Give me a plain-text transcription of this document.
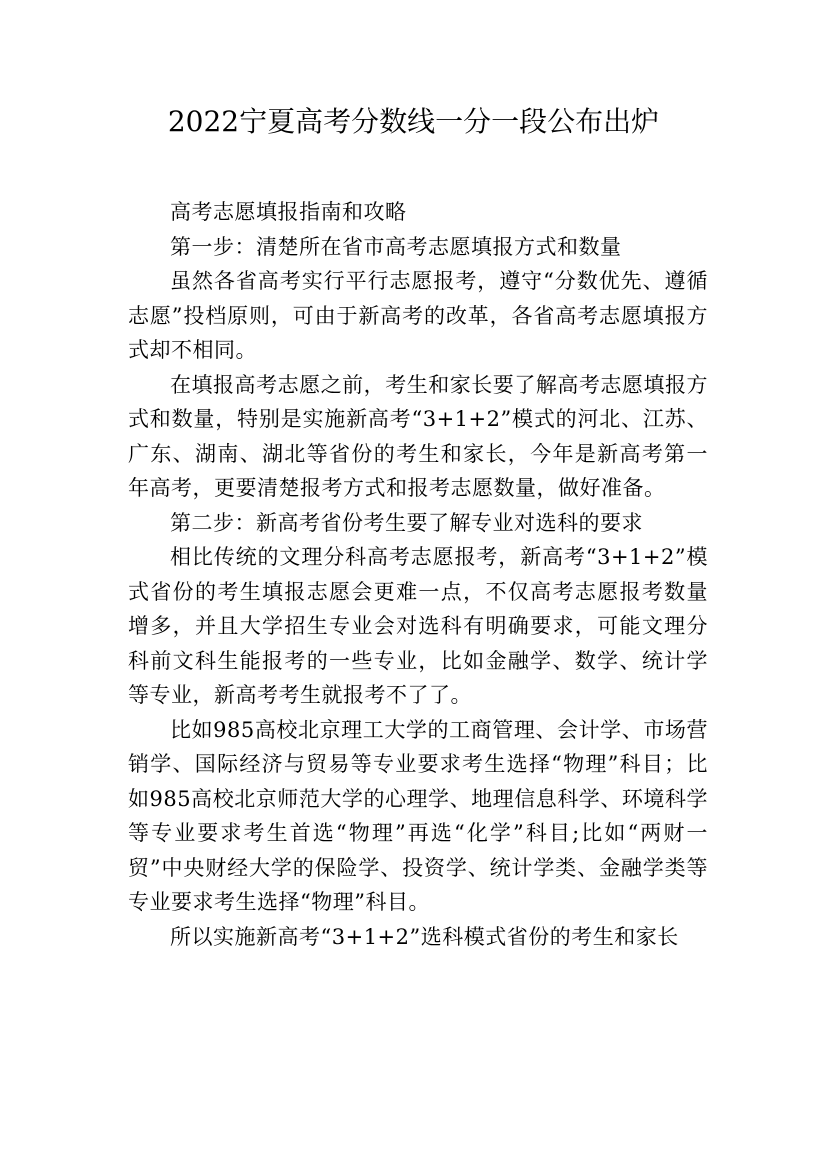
2022宁夏高考分数线一分一段公布出炉

高考志愿填报指南和攻略

第一步：清楚所在省市高考志愿填报方式和数量

虽然各省高考实行平行志愿报考，遵守“分数优先、遵循志愿”投档原则，可由于新高考的改革，各省高考志愿填报方式却不相同。

在填报高考志愿之前，考生和家长要了解高考志愿填报方式和数量，特别是实施新高考“3+1+2”模式的河北、江苏、广东、湖南、湖北等省份的考生和家长，今年是新高考第一年高考，更要清楚报考方式和报考志愿数量，做好准备。

第二步：新高考省份考生要了解专业对选科的要求

相比传统的文理分科高考志愿报考，新高考“3+1+2”模式省份的考生填报志愿会更难一点，不仅高考志愿报考数量增多，并且大学招生专业会对选科有明确要求，可能文理分科前文科生能报考的一些专业，比如金融学、数学、统计学等专业，新高考考生就报考不了了。

比如985高校北京理工大学的工商管理、会计学、市场营销学、国际经济与贸易等专业要求考生选择“物理”科目；比如985高校北京师范大学的心理学、地理信息科学、环境科学等专业要求考生首选“物理”再选“化学”科目;比如“两财一贸”中央财经大学的保险学、投资学、统计学类、金融学类等专业要求考生选择“物理”科目。

所以实施新高考“3+1+2”选科模式省份的考生和家长
